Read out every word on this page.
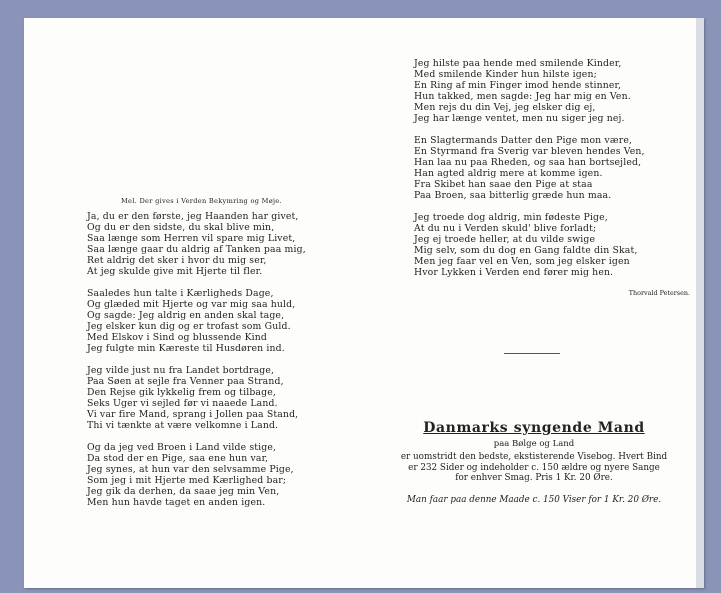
Mel. Der gives i Verden Bekymring og Møje.
Ja, du er den første, jeg Haanden har givet,
Og du er den sidste, du skal blive min,
Saa længe som Herren vil spare mig Livet,
Saa længe gaar du aldrig af Tanken paa mig,
Ret aldrig det sker i hvor du mig ser,
At jeg skulde give mit Hjerte til fler.
Saaledes hun talte i Kærligheds Dage,
Og glæded mit Hjerte og var mig saa huld,
Og sagde: Jeg aldrig en anden skal tage,
Jeg elsker kun dig og er trofast som Guld.
Med Elskov i Sind og blussende Kind
Jeg fulgte min Kæreste til Husdøren ind.
Jeg vilde just nu fra Landet bortdrage,
Paa Søen at sejle fra Venner paa Strand,
Den Rejse gik lykkelig frem og tilbage,
Seks Uger vi sejled før vi naaede Land.
Vi var fire Mand, sprang i Jollen paa Stand,
Thi vi tænkte at være velkomne i Land.
Og da jeg ved Broen i Land vilde stige,
Da stod der en Pige, saa ene hun var,
Jeg synes, at hun var den selvsamme Pige,
Som jeg i mit Hjerte med Kærlighed bar;
Jeg gik da derhen, da saae jeg min Ven,
Men hun havde taget en anden igen.
Jeg hilste paa hende med smilende Kinder,
Med smilende Kinder hun hilste igen;
En Ring af min Finger imod hende stinner,
Hun takked, men sagde: Jeg har mig en Ven.
Men rejs du din Vej, jeg elsker dig ej,
Jeg har længe ventet, men nu siger jeg nej.
En Slagtermands Datter den Pige mon være,
En Styrmand fra Sverig var bleven hendes Ven,
Han laa nu paa Rheden, og saa han bortsejled,
Han agted aldrig mere at komme igen.
Fra Skibet han saae den Pige at staa
Paa Broen, saa bitterlig græde hun maa.
Jeg troede dog aldrig, min fødeste Pige,
At du nu i Verden skuld' blive forladt;
Jeg ej troede heller, at du vilde swige
Mig selv, som du dog en Gang faldte din Skat,
Men jeg faar vel en Ven, som jeg elsker igen
Hvor Lykken i Verden end fører mig hen.
Thorvald Petersen.
Danmarks syngende Mand
paa Bølge og Land
er uomstridt den bedste, ekstisterende Visebog. Hvert Bind
er 232 Sider og indeholder c. 150 ældre og nyere Sange
for enhver Smag. Pris 1 Kr. 20 Øre.
Man faar paa denne Maade c. 150 Viser for 1 Kr. 20 Øre.
